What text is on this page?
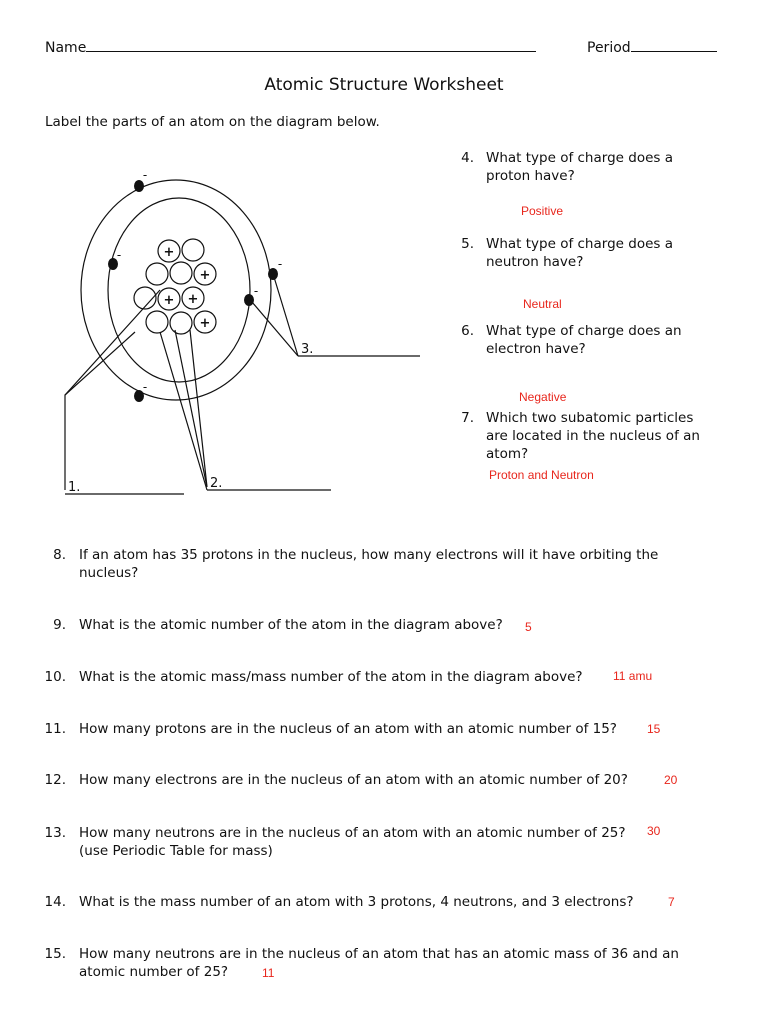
Name	Period
Atomic Structure Worksheet
Label the parts of an atom on the diagram below.
+
+
+ +
+
-
-
-
-
-
1.	2.
3.
4. What type of charge does a
proton have?
Positive
5. What type of charge does a
neutron have?
Neutral
6. What type of charge does an
electron have?
Negative
7. Which two subatomic particles
are located in the nucleus of an
atom?
Proton and Neutron
8. If an atom has 35 protons in the nucleus, how many electrons will it have orbiting the
nucleus?
9. What is the atomic number of the atom in the diagram above? 5
10. What is the atomic mass/mass number of the atom in the diagram above?	11 amu
11. How many protons are in the nucleus of an atom with an atomic number of 15?	15
12. How many electrons are in the nucleus of an atom with an atomic number of 20?	20
13. How many neutrons are in the nucleus of an atom with an atomic number of 25?
(use Periodic Table for mass)
30
14. What is the mass number of an atom with 3 protons, 4 neutrons, and 3 electrons?	7
15. How many neutrons are in the nucleus of an atom that has an atomic mass of 36 and an
atomic number of 25?	11
